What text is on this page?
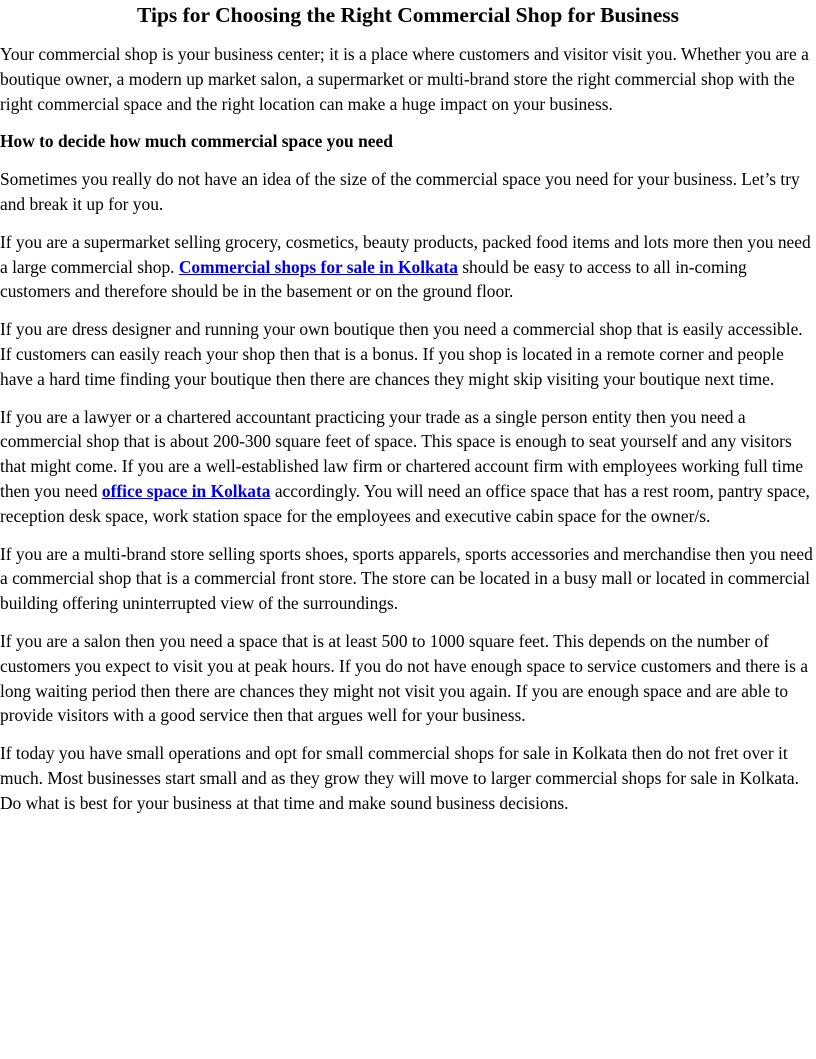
Tips for Choosing the Right Commercial Shop for Business

Your commercial shop is your business center; it is a place where customers and visitor visit you. Whether you are a boutique owner, a modern up market salon, a supermarket or multi-brand store the right commercial shop with the right commercial space and the right location can make a huge impact on your business.

How to decide how much commercial space you need

Sometimes you really do not have an idea of the size of the commercial space you need for your business. Let’s try and break it up for you.

If you are a supermarket selling grocery, cosmetics, beauty products, packed food items and lots more then you need a large commercial shop. Commercial shops for sale in Kolkata should be easy to access to all in-coming customers and therefore should be in the basement or on the ground floor.

If you are dress designer and running your own boutique then you need a commercial shop that is easily accessible. If customers can easily reach your shop then that is a bonus. If you shop is located in a remote corner and people have a hard time finding your boutique then there are chances they might skip visiting your boutique next time.

If you are a lawyer or a chartered accountant practicing your trade as a single person entity then you need a commercial shop that is about 200-300 square feet of space. This space is enough to seat yourself and any visitors that might come. If you are a well-established law firm or chartered account firm with employees working full time then you need office space in Kolkata accordingly. You will need an office space that has a rest room, pantry space, reception desk space, work station space for the employees and executive cabin space for the owner/s.

If you are a multi-brand store selling sports shoes, sports apparels, sports accessories and merchandise then you need a commercial shop that is a commercial front store. The store can be located in a busy mall or located in commercial building offering uninterrupted view of the surroundings.

If you are a salon then you need a space that is at least 500 to 1000 square feet. This depends on the number of customers you expect to visit you at peak hours. If you do not have enough space to service customers and there is a long waiting period then there are chances they might not visit you again. If you are enough space and are able to provide visitors with a good service then that argues well for your business.

If today you have small operations and opt for small commercial shops for sale in Kolkata then do not fret over it much. Most businesses start small and as they grow they will move to larger commercial shops for sale in Kolkata. Do what is best for your business at that time and make sound business decisions.
